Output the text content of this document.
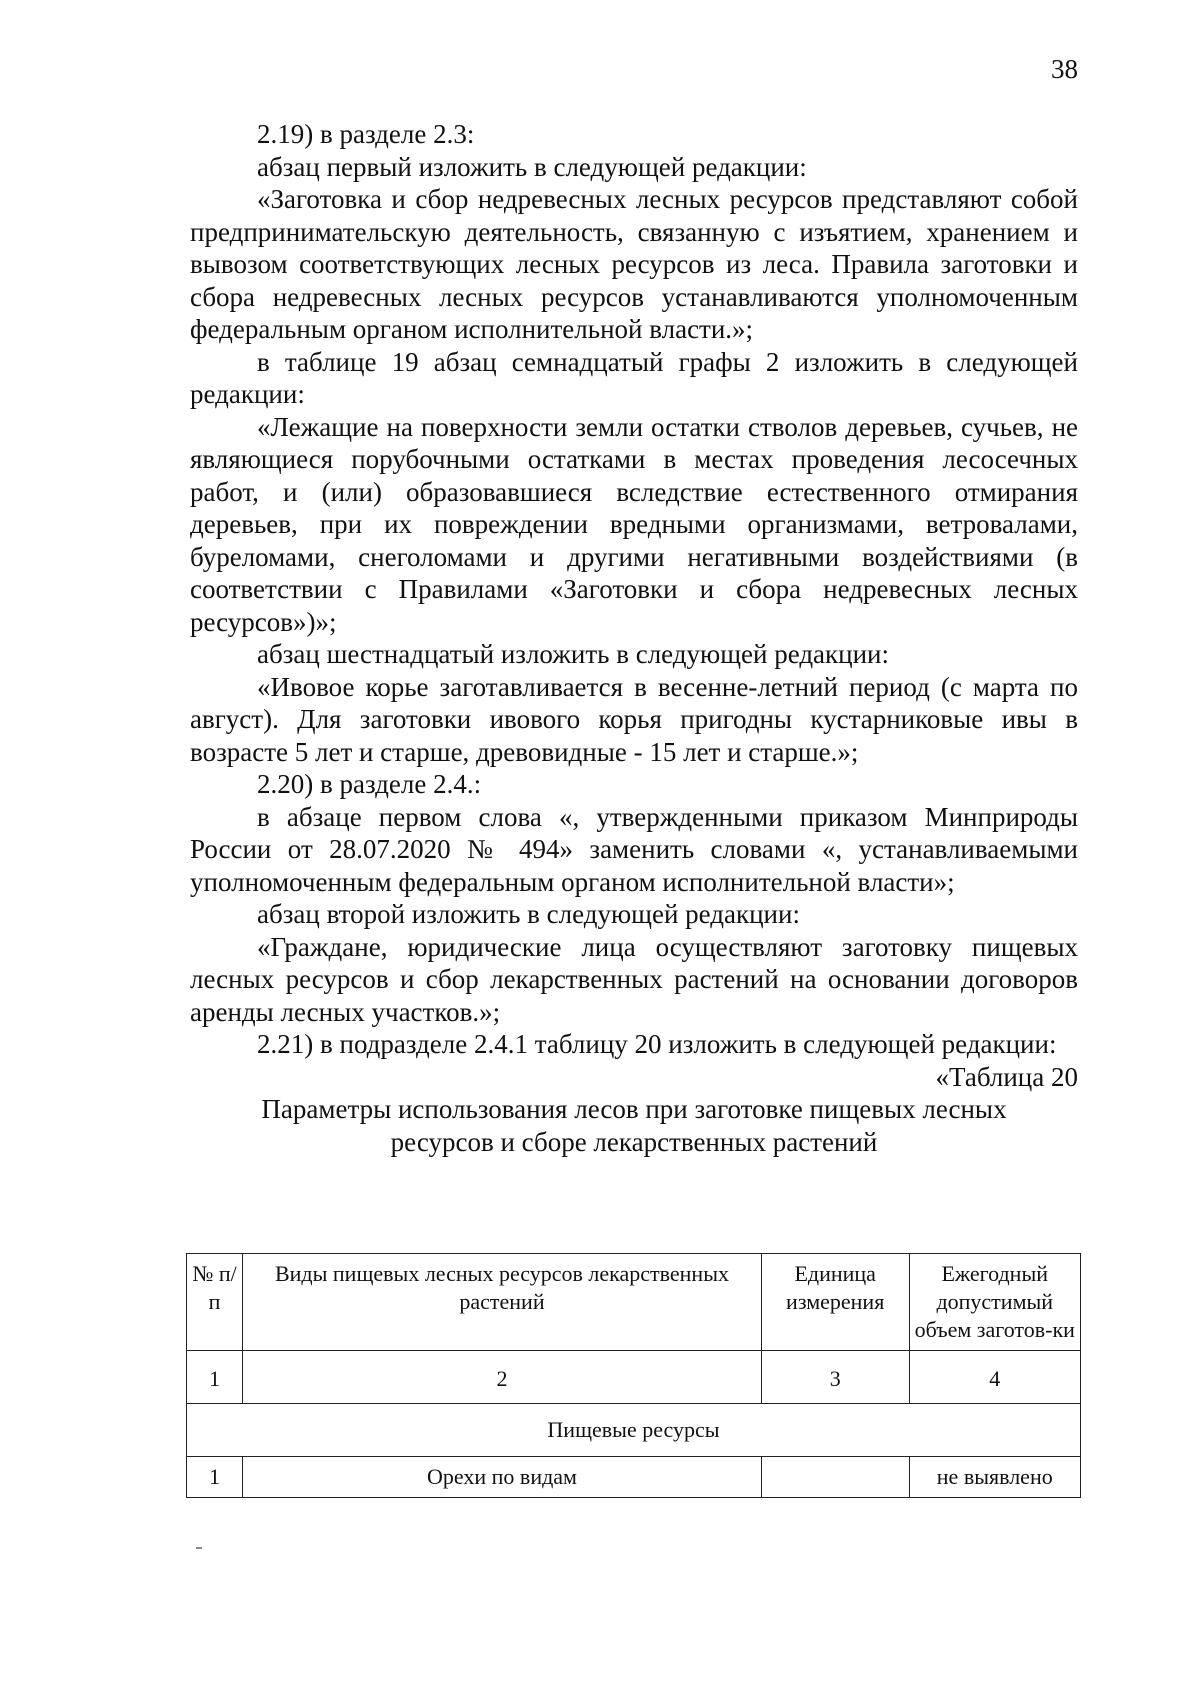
38

2.19) в разделе 2.3:

абзац первый изложить в следующей редакции:

«Заготовка и сбор недревесных лесных ресурсов представляют собой предпринимательскую деятельность, связанную с изъятием, хранением и вывозом соответствующих лесных ресурсов из леса. Правила заготовки и сбора недревесных лесных ресурсов устанавливаются уполномоченным федеральным органом исполнительной власти.»;

в таблице 19 абзац семнадцатый графы 2 изложить в следующей редакции:

«Лежащие на поверхности земли остатки стволов деревьев, сучьев, не являющиеся порубочными остатками в местах проведения лесосечных работ, и (или) образовавшиеся вследствие естественного отмирания деревьев, при их повреждении вредными организмами, ветровалами, буреломами, снеголомами и другими негативными воздействиями (в соответствии с Правилами «Заготовки и сбора недревесных лесных ресурсов»)»;

абзац шестнадцатый изложить в следующей редакции:

«Ивовое корье заготавливается в весенне-летний период (с марта по август). Для заготовки ивового корья пригодны кустарниковые ивы в возрасте 5 лет и старше, древовидные - 15 лет и старше.»;

2.20) в разделе 2.4.:

в абзаце первом слова «, утвержденными приказом Минприроды России от 28.07.2020 № 494» заменить словами «, устанавливаемыми уполномоченным федеральным органом исполнительной власти»;

абзац второй изложить в следующей редакции:

«Граждане, юридические лица осуществляют заготовку пищевых лесных ресурсов и сбор лекарственных растений на основании договоров аренды лесных участков.»;

2.21) в подразделе 2.4.1 таблицу 20 изложить в следующей редакции:

«Таблица 20

Параметры использования лесов при заготовке пищевых лесных ресурсов и сборе лекарственных растений

№ п/п	Виды пищевых лесных ресурсов лекарственных растений	Единица измерения	Ежегодный допустимый объем заготов-ки
1	2	3	4
Пищевые ресурсы			
1	Орехи по видам		не выявлено
